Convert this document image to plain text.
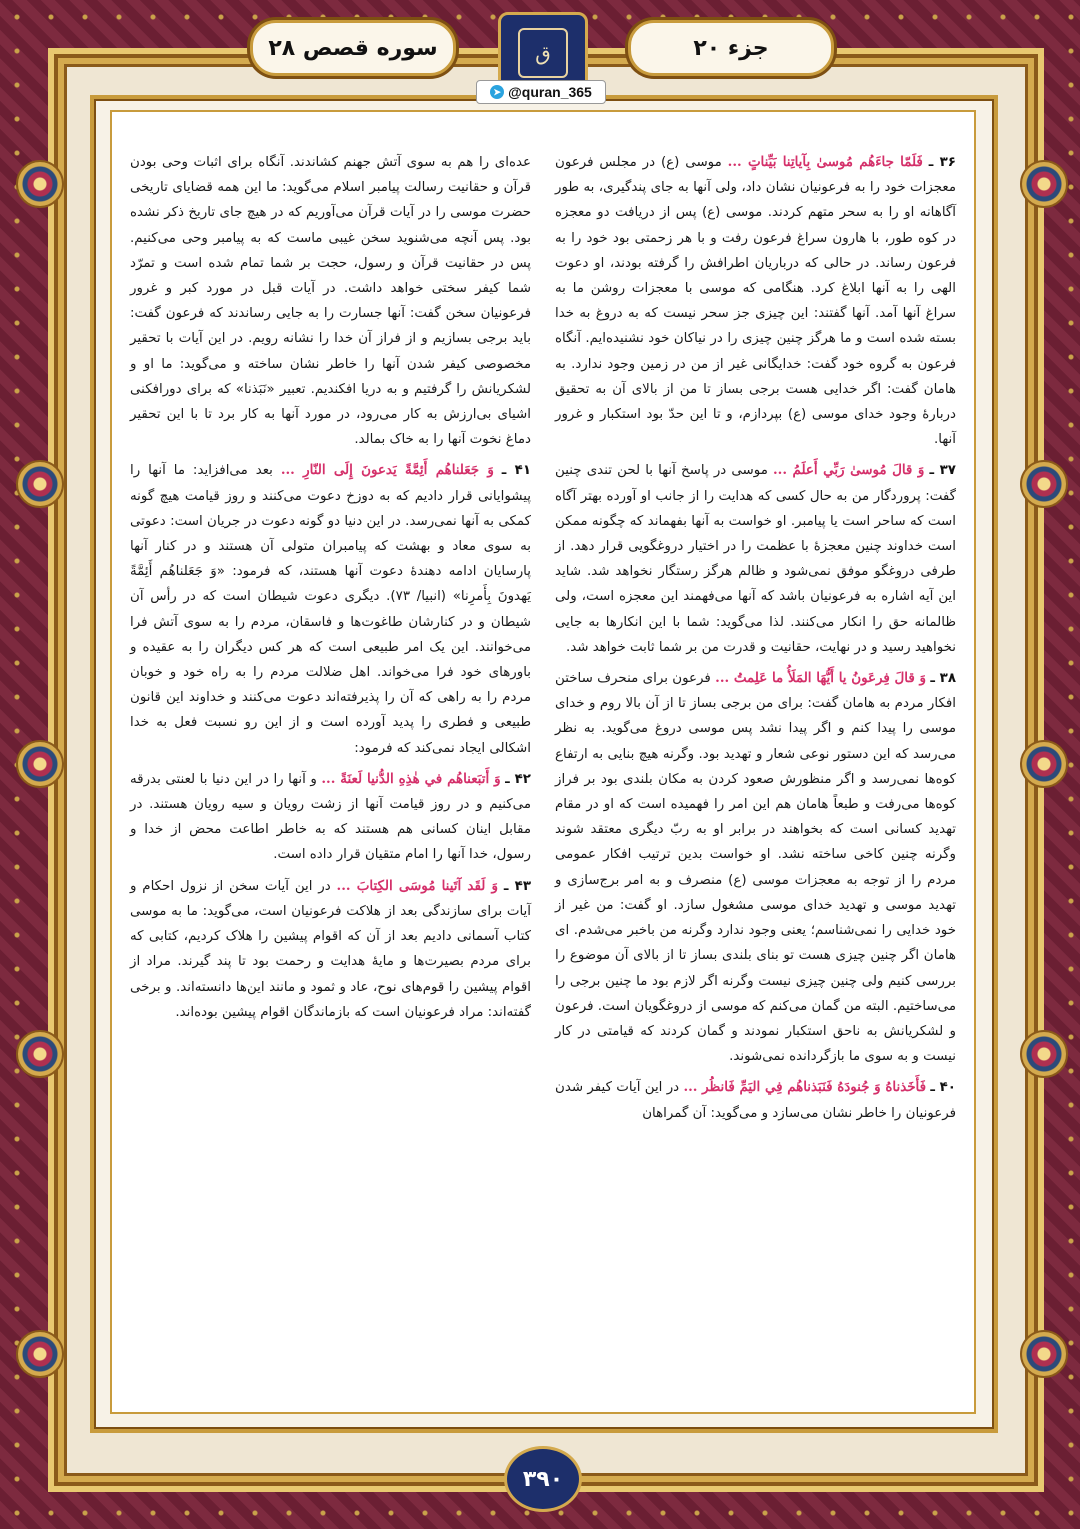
سوره قصص ۲۸	ق	جزء ۲۰
➤ @quran_365

۳۶ ـ فَلَمّا جاءَهُم مُوسىٰ بِآياتِنا بَيِّناتٍ ... موسی (ع) در مجلس فرعون معجزات خود را به فرعونیان نشان داد، ولی آنها به جای پندگیری، به طور آگاهانه او را به سحر متهم کردند. موسی (ع) پس از دریافت دو معجزه در کوه طور، با هارون سراغ فرعون رفت و با هر زحمتی بود خود را به فرعون رساند. در حالی که درباریان اطرافش را گرفته بودند، او دعوت الهی را به آنها ابلاغ کرد. هنگامی که موسی با معجزات روشن ما به سراغ آنها آمد. آنها گفتند: این چیزی جز سحر نیست که به دروغ به خدا بسته شده است و ما هرگز چنین چیزی را در نیاکان خود نشنیده‌ایم. آنگاه فرعون به گروه خود گفت: خدایگانی غیر از من در زمین وجود ندارد. به هامان گفت: اگر خدایی هست برجی بساز تا من از بالای آن به تحقیق دربارهٔ وجود خدای موسی (ع) بپردازم، و تا این حدّ بود استکبار و غرور آنها.

۳۷ ـ وَ قالَ مُوسىٰ رَبِّي أَعلَمُ ... موسی در پاسخ آنها با لحن تندی چنین گفت: پروردگار من به حال کسی که هدایت را از جانب او آورده بهتر آگاه است که ساحر است یا پیامبر. او خواست به آنها بفهماند که چگونه ممکن است خداوند چنین معجزهٔ با عظمت را در اختیار دروغگویی قرار دهد. از طرفی دروغگو موفق نمی‌شود و ظالم هرگز رستگار نخواهد شد. شاید این آیه اشاره به فرعونیان باشد که آنها می‌فهمند این معجزه است، ولی ظالمانه حق را انکار می‌کنند. لذا می‌گوید: شما با این انکارها به جایی نخواهید رسید و در نهایت، حقانیت و قدرت من بر شما ثابت خواهد شد.

۳۸ ـ وَ قالَ فِرعَونُ يا أَيُّهَا المَلَأُ ما عَلِمتُ ... فرعون برای منحرف ساختن افکار مردم به هامان گفت: برای من برجی بساز تا از آن بالا روم و خدای موسی را پیدا کنم و اگر پیدا نشد پس موسی دروغ می‌گوید. به نظر می‌رسد که این دستور نوعی شعار و تهدید بود. وگرنه هیچ بنایی به ارتفاع کوه‌ها نمی‌رسد و اگر منظورش صعود کردن به مکان بلندی بود بر فراز کوه‌ها می‌رفت و طبعاً هامان هم این امر را فهمیده است که او در مقام تهدید کسانی است که بخواهند در برابر او به ربّ دیگری معتقد شوند وگرنه چنین کاخی ساخته نشد. او خواست بدین ترتیب افکار عمومی مردم را از توجه به معجزات موسی (ع) منصرف و به امر برج‌سازی و تهدید موسی و تهدید خدای موسی مشغول سازد. او گفت: من غیر از خود خدایی را نمی‌شناسم؛ یعنی وجود ندارد وگرنه من باخبر می‌شدم. ای هامان اگر چنین چیزی هست تو بنای بلندی بساز تا از بالای آن موضوع را بررسی کنیم ولی چنین چیزی نیست وگرنه اگر لازم بود ما چنین برجی را می‌ساختیم. البته من گمان می‌کنم که موسی از دروغگویان است. فرعون و لشکریانش به ناحق استکبار نمودند و گمان کردند که قیامتی در کار نیست و به سوی ما بازگردانده نمی‌شوند.

۴۰ ـ فَأَخَذناهُ وَ جُنودَهُ فَنَبَذناهُم فِي اليَمِّ فَانظُر ... در این آیات کیفر شدن فرعونیان را خاطر نشان می‌سازد و می‌گوید: آن گمراهان

عده‌ای را هم به سوی آتش جهنم کشاندند. آنگاه برای اثبات وحی بودن قرآن و حقانیت رسالت پیامبر اسلام می‌گوید: ما این همه قضایای تاریخی حضرت موسی را در آیات قرآن می‌آوریم که در هیچ جای تاریخ ذکر نشده بود. پس آنچه می‌شنوید سخن غیبی ماست که به پیامبر وحی می‌کنیم. پس در حقانیت قرآن و رسول، حجت بر شما تمام شده است و تمرّد شما کیفر سختی خواهد داشت. در آیات قبل در مورد کبر و غرور فرعونیان سخن گفت: آنها جسارت را به جایی رساندند که فرعون گفت: باید برجی بسازیم و از فراز آن خدا را نشانه رویم. در این آیات با تحقیر مخصوصی کیفر شدن آنها را خاطر نشان ساخته و می‌گوید: ما او و لشکریانش را گرفتیم و به دریا افکندیم. تعبیر «نَبَذنا» که برای دورافکنی اشیای بی‌ارزش به کار می‌رود، در مورد آنها به کار برد تا با این تحقیر دماغ نخوت آنها را به خاک بمالد.

۴۱ ـ وَ جَعَلناهُم أَئِمَّةً يَدعونَ إِلَى النّارِ ... بعد می‌افزاید: ما آنها را پیشوایانی قرار دادیم که به دوزخ دعوت می‌کنند و روز قیامت هیچ گونه کمکی به آنها نمی‌رسد. در این دنیا دو گونه دعوت در جریان است: دعوتی به سوی معاد و بهشت که پیامبران متولی آن هستند و در کنار آنها پارسایان ادامه دهندهٔ دعوت آنها هستند، که فرمود: «وَ جَعَلناهُم أَئِمَّةً يَهدونَ بِأَمرِنا» (انبیا/ ۷۳). دیگری دعوت شیطان است که در رأس آن شیطان و در کنارشان طاغوت‌ها و فاسقان، مردم را به سوی آتش فرا می‌خوانند. این یک امر طبیعی است که هر کس دیگران را به عقیده و باورهای خود فرا می‌خواند. اهل ضلالت مردم را به راه خود و خوبان مردم را به راهی که آن را پذیرفته‌اند دعوت می‌کنند و خداوند این قانون طبیعی و فطری را پدید آورده است و از این رو نسبت فعل به خدا اشکالی ایجاد نمی‌کند که فرمود:

۴۲ ـ وَ أَتبَعناهُم في هٰذِهِ الدُّنيا لَعنَةً ... و آنها را در این دنیا با لعنتی بدرقه می‌کنیم و در روز قیامت آنها از زشت رویان و سیه رویان هستند. در مقابل اینان کسانی هم هستند که به خاطر اطاعت محض از خدا و رسول، خدا آنها را امام متقیان قرار داده است.

۴۳ ـ وَ لَقَد آتَينا مُوسَى الكِتابَ ... در این آیات سخن از نزول احکام و آیات برای سازندگی بعد از هلاکت فرعونیان است، می‌گوید: ما به موسی کتاب آسمانی دادیم بعد از آن که اقوام پیشین را هلاک کردیم، کتابی که برای مردم بصیرت‌ها و مایهٔ هدایت و رحمت بود تا پند گیرند. مراد از اقوام پیشین را قوم‌های نوح، عاد و ثمود و مانند این‌ها دانسته‌اند. و برخی گفته‌اند: مراد فرعونیان است که بازماندگان اقوام پیشین بوده‌اند.

۳۹۰
